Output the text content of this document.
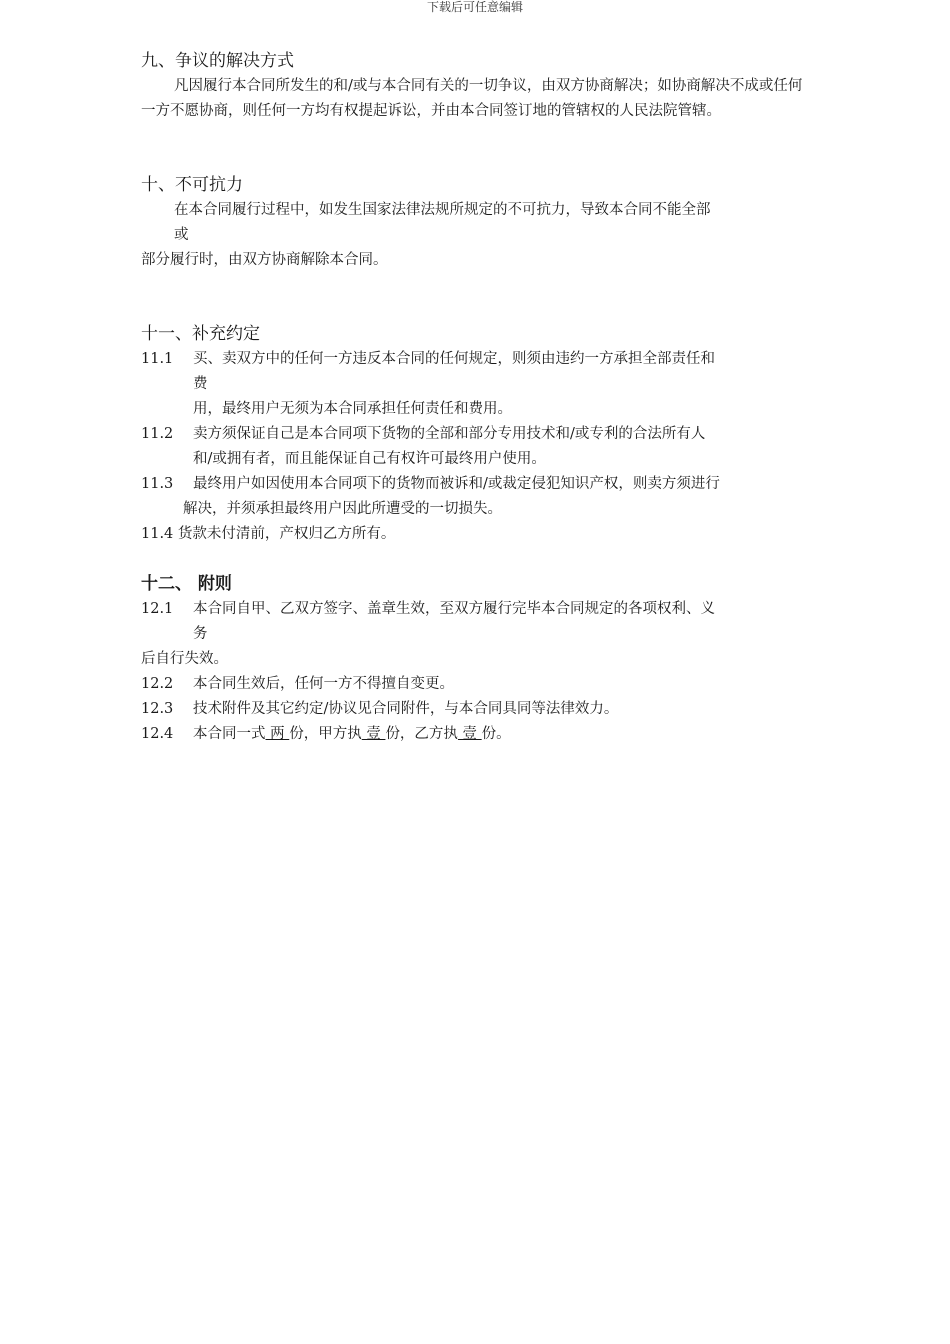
下载后可任意编辑

九、争议的解决方式

凡因履行本合同所发生的和/或与本合同有关的一切争议，由双方协商解决；如协商解决不成或任何一方不愿协商，则任何一方均有权提起诉讼，并由本合同签订地的管辖权的人民法院管辖。

十、不可抗力

在本合同履行过程中，如发生国家法律法规所规定的不可抗力，导致本合同不能全部

或

部分履行时，由双方协商解除本合同。

十一、补充约定

11.1	买、卖双方中的任何一方违反本合同的任何规定，则须由违约一方承担全部责任和

费

用，最终用户无须为本合同承担任何责任和费用。

11.2	卖方须保证自己是本合同项下货物的全部和部分专用技术和/或专利的合法所有人

和/或拥有者，而且能保证自己有权许可最终用户使用。

11.3	最终用户如因使用本合同项下的货物而被诉和/或裁定侵犯知识产权，则卖方须进行

解决，并须承担最终用户因此所遭受的一切损失。

11.4 货款未付清前，产权归乙方所有。

十二、 附则

12.1	本合同自甲、乙双方签字、盖章生效，至双方履行完毕本合同规定的各项权利、义

务

后自行失效。

12.2	本合同生效后，任何一方不得擅自变更。
12.3	技术附件及其它约定/协议见合同附件，与本合同具同等法律效力。
12.4	本合同一式 两 份，甲方执 壹 份，乙方执 壹 份。
